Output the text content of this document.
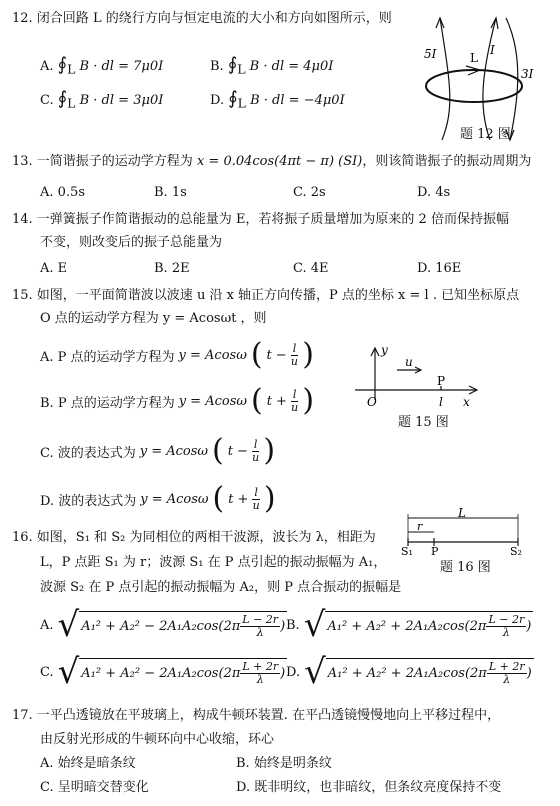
12. 闭合回路 L 的绕行方向与恒定电流的大小和方向如图所示，则
A. $∮_L$ B · dl = 7μ0I	B. $∮_L$ B · dl = 4μ0I
C. $∮_L$ B · dl = 3μ0I	D. $∮_L$ B · dl = −4μ0I
5I	I
L
3I
题 12 图
13. 一简谐振子的运动学方程为 x = 0.04cos(4πt − π) (SI)，则该简谐振子的振动周期为
A. 0.5s	B. 1s	C. 2s	D. 4s
14. 一弹簧振子作简谐振动的总能量为 E，若将振子质量增加为原来的 2 倍而保持振幅
不变，则改变后的振子总能量为
A. E	B. 2E	C. 4E	D. 16E
15. 如图，一平面简谐波以波速 u 沿 x 轴正方向传播，P 点的坐标 x = l . 已知坐标原点
O 点的运动学方程为 y = Acosωt ，则
A. P 点的运动学方程为 y = Acosω ( $t - \frac{l}{u}$ )
B. P 点的运动学方程为 y = Acosω ( $t + \frac{l}{u}$ )
C. 波的表达式为 y = Acosω ( $t - \frac{l}{u}$ )
D. 波的表达式为 y = Acosω ( $t + \frac{l}{u}$ )
y
u
P
O	l x
题 15 图
16. 如图，S₁ 和 S₂ 为同相位的两相干波源，波长为 λ，相距为
L，P 点距 S₁ 为 r；波源 S₁ 在 P 点引起的振动振幅为 A₁，
波源 S₂ 在 P 点引起的振动振幅为 A₂，则 P 点合振动的振幅是
L
r
S₁ P	S₂
题 16 图
A. √ $A_1^2 + A_2^2 - 2A_1A_2\cos(2\pi \frac{L - 2r}{\lambda}$ ) B. √ $A_1^2 + A_2^2 + 2A_1A_2\cos(2\pi \frac{L - 2r}{\lambda}$ )
C. √ $A_1^2 + A_2^2 - 2A_1A_2\cos(2\pi \frac{L + 2r}{\lambda}$ ) D. √ $A_1^2 + A_2^2 + 2A_1A_2\cos(2\pi \frac{L + 2r}{\lambda}$ )
17. 一平凸透镜放在平玻璃上，构成牛顿环装置. 在平凸透镜慢慢地向上平移过程中，
由反射光形成的牛顿环向中心收缩，环心
A. 始终是暗条纹	B. 始终是明条纹
C. 呈明暗交替变化	D. 既非明纹，也非暗纹，但条纹亮度保持不变
